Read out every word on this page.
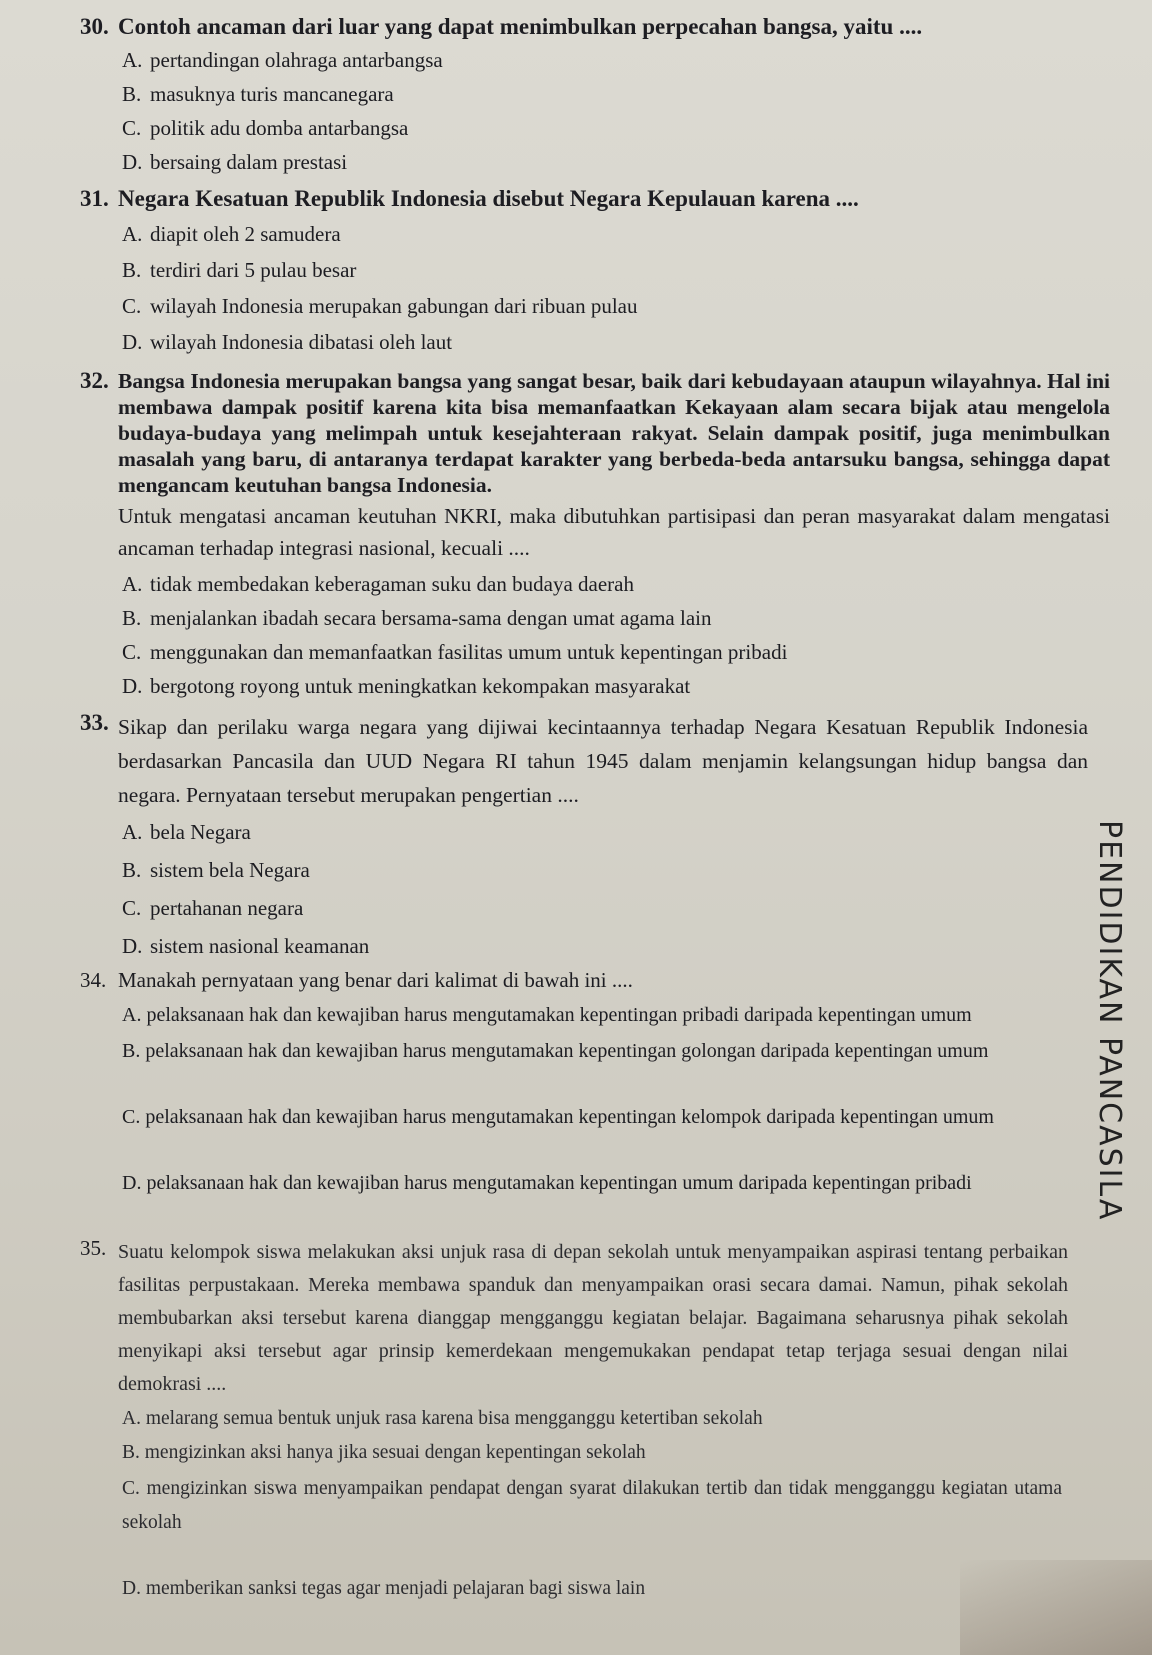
30. Contoh ancaman dari luar yang dapat menimbulkan perpecahan bangsa, yaitu ....
A. pertandingan olahraga antarbangsa
B. masuknya turis mancanegara
C. politik adu domba antarbangsa
D. bersaing dalam prestasi
31. Negara Kesatuan Republik Indonesia disebut Negara Kepulauan karena ....
A. diapit oleh 2 samudera
B. terdiri dari 5 pulau besar
C. wilayah Indonesia merupakan gabungan dari ribuan pulau
D. wilayah Indonesia dibatasi oleh laut
32. Bangsa Indonesia merupakan bangsa yang sangat besar, baik dari kebudayaan ataupun wilayahnya. Hal ini membawa dampak positif karena kita bisa memanfaatkan Kekayaan alam secara bijak atau mengelola budaya-budaya yang melimpah untuk kesejahteraan rakyat. Selain dampak positif, juga menimbulkan masalah yang baru, di antaranya terdapat karakter yang berbeda-beda antarsuku bangsa, sehingga dapat mengancam keutuhan bangsa Indonesia.
Untuk mengatasi ancaman keutuhan NKRI, maka dibutuhkan partisipasi dan peran masyarakat dalam mengatasi ancaman terhadap integrasi nasional, kecuali ....
A. tidak membedakan keberagaman suku dan budaya daerah
B. menjalankan ibadah secara bersama-sama dengan umat agama lain
C. menggunakan dan memanfaatkan fasilitas umum untuk kepentingan pribadi
D. bergotong royong untuk meningkatkan kekompakan masyarakat
33. Sikap dan perilaku warga negara yang dijiwai kecintaannya terhadap Negara Kesatuan Republik Indonesia berdasarkan Pancasila dan UUD Negara RI tahun 1945 dalam menjamin kelangsungan hidup bangsa dan negara. Pernyataan tersebut merupakan pengertian ....
A. bela Negara
B. sistem bela Negara
C. pertahanan negara
D. sistem nasional keamanan
34. Manakah pernyataan yang benar dari kalimat di bawah ini ....
A. pelaksanaan hak dan kewajiban harus mengutamakan kepentingan pribadi daripada kepentingan umum
B. pelaksanaan hak dan kewajiban harus mengutamakan kepentingan golongan daripada kepentingan umum
C. pelaksanaan hak dan kewajiban harus mengutamakan kepentingan kelompok daripada kepentingan umum
D. pelaksanaan hak dan kewajiban harus mengutamakan kepentingan umum daripada kepentingan pribadi
35. Suatu kelompok siswa melakukan aksi unjuk rasa di depan sekolah untuk menyampaikan aspirasi tentang perbaikan fasilitas perpustakaan. Mereka membawa spanduk dan menyampaikan orasi secara damai. Namun, pihak sekolah membubarkan aksi tersebut karena dianggap mengganggu kegiatan belajar. Bagaimana seharusnya pihak sekolah menyikapi aksi tersebut agar prinsip kemerdekaan mengemukakan pendapat tetap terjaga sesuai dengan nilai demokrasi ....
A. melarang semua bentuk unjuk rasa karena bisa mengganggu ketertiban sekolah
B. mengizinkan aksi hanya jika sesuai dengan kepentingan sekolah
C. mengizinkan siswa menyampaikan pendapat dengan syarat dilakukan tertib dan tidak mengganggu kegiatan utama sekolah
D. memberikan sanksi tegas agar menjadi pelajaran bagi siswa lain
PENDIDIKAN PANCASILA
